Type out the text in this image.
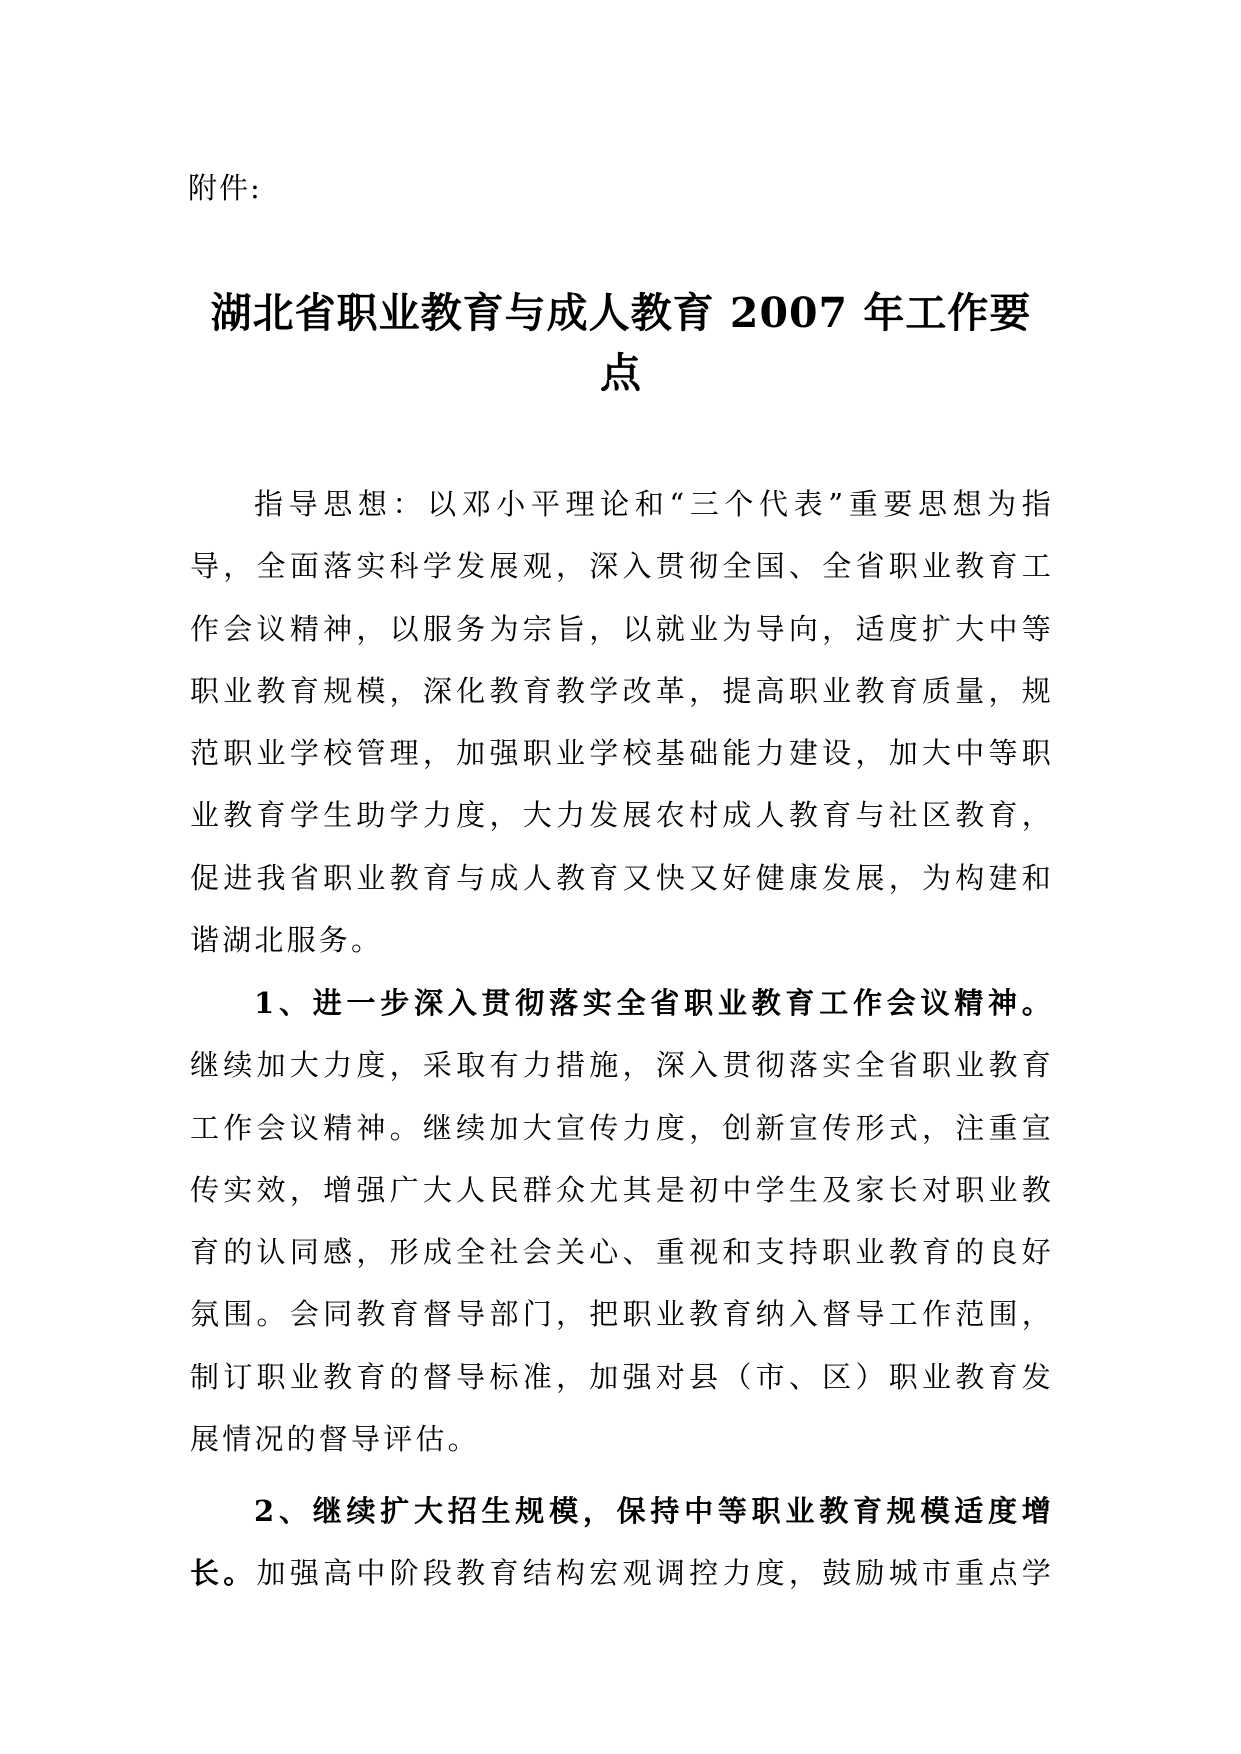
附件:
湖北省职业教育与成人教育 2007 年工作要
点
指导思想：以邓小平理论和“三个代表”重要思想为指
导，全面落实科学发展观，深入贯彻全国、全省职业教育工
作会议精神，以服务为宗旨，以就业为导向，适度扩大中等
职业教育规模，深化教育教学改革，提高职业教育质量，规
范职业学校管理，加强职业学校基础能力建设，加大中等职
业教育学生助学力度，大力发展农村成人教育与社区教育，
促进我省职业教育与成人教育又快又好健康发展，为构建和
谐湖北服务。
1、进一步深入贯彻落实全省职业教育工作会议精神。
继续加大力度，采取有力措施，深入贯彻落实全省职业教育
工作会议精神。继续加大宣传力度，创新宣传形式，注重宣
传实效，增强广大人民群众尤其是初中学生及家长对职业教
育的认同感，形成全社会关心、重视和支持职业教育的良好
氛围。会同教育督导部门，把职业教育纳入督导工作范围，
制订职业教育的督导标准，加强对县（市、区）职业教育发
展情况的督导评估。
2、继续扩大招生规模，保持中等职业教育规模适度增
长。加强高中阶段教育结构宏观调控力度，鼓励城市重点学
